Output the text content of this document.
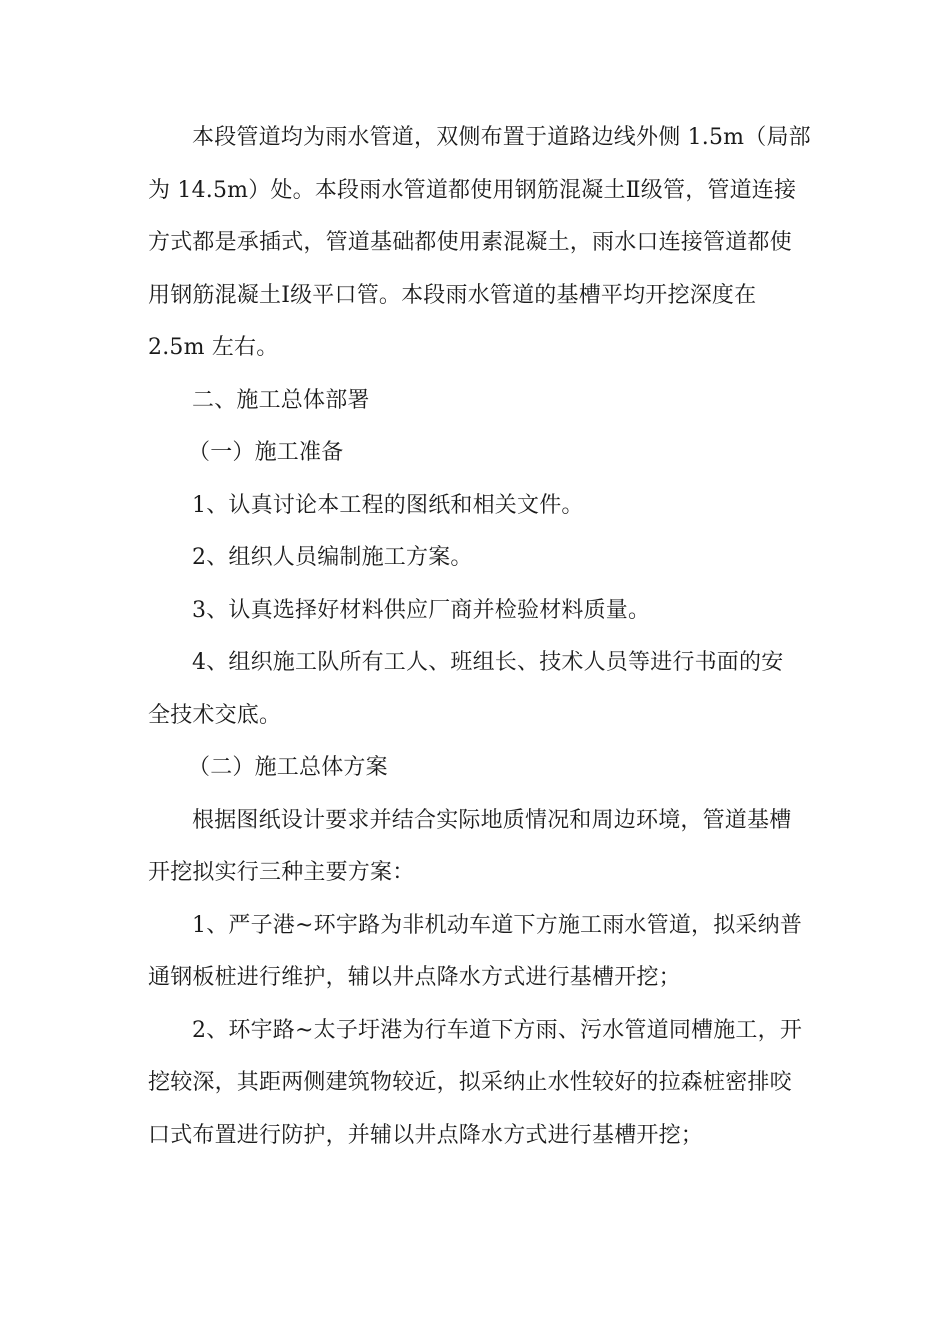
本段管道均为雨水管道，双侧布置于道路边线外侧 1.5m（局部
为 14.5m）处。本段雨水管道都使用钢筋混凝土Ⅱ级管，管道连接
方式都是承插式，管道基础都使用素混凝土，雨水口连接管道都使
用钢筋混凝土Ⅰ级平口管。本段雨水管道的基槽平均开挖深度在
2.5m 左右。
二、施工总体部署
（一）施工准备
1、认真讨论本工程的图纸和相关文件。
2、组织人员编制施工方案。
3、认真选择好材料供应厂商并检验材料质量。
4、组织施工队所有工人、班组长、技术人员等进行书面的安
全技术交底。
（二）施工总体方案
根据图纸设计要求并结合实际地质情况和周边环境，管道基槽
开挖拟实行三种主要方案：
1、严子港~环宇路为非机动车道下方施工雨水管道，拟采纳普
通钢板桩进行维护，辅以井点降水方式进行基槽开挖；
2、环宇路~太子圩港为行车道下方雨、污水管道同槽施工，开
挖较深，其距两侧建筑物较近，拟采纳止水性较好的拉森桩密排咬
口式布置进行防护，并辅以井点降水方式进行基槽开挖；
